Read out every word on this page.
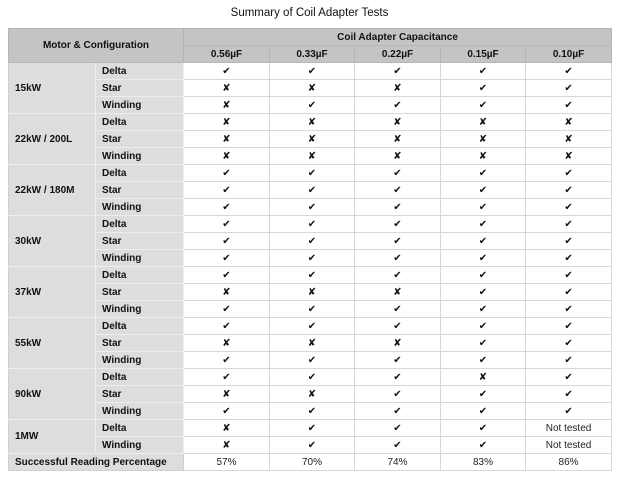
Summary of Coil Adapter Tests
Motor & Configuration		Coil Adapter Capacitance				
		0.56µF	0.33µF	0.22µF	0.15µF	0.10µF
15kW	Delta	✔	✔	✔	✔	✔
	Star	✘	✘	✘	✔	✔
	Winding	✘	✔	✔	✔	✔
22kW / 200L	Delta	✘	✘	✘	✘	✘
	Star	✘	✘	✘	✘	✘
	Winding	✘	✘	✘	✘	✘
22kW / 180M	Delta	✔	✔	✔	✔	✔
	Star	✔	✔	✔	✔	✔
	Winding	✔	✔	✔	✔	✔
30kW	Delta	✔	✔	✔	✔	✔
	Star	✔	✔	✔	✔	✔
	Winding	✔	✔	✔	✔	✔
37kW	Delta	✔	✔	✔	✔	✔
	Star	✘	✘	✘	✔	✔
	Winding	✔	✔	✔	✔	✔
55kW	Delta	✔	✔	✔	✔	✔
	Star	✘	✘	✘	✔	✔
	Winding	✔	✔	✔	✔	✔
90kW	Delta	✔	✔	✔	✘	✔
	Star	✘	✘	✔	✔	✔
	Winding	✔	✔	✔	✔	✔
1MW	Delta	✘	✔	✔	✔	Not tested
	Winding	✘	✔	✔	✔	Not tested
Successful Reading Percentage		57%	70%	74%	83%	86%
